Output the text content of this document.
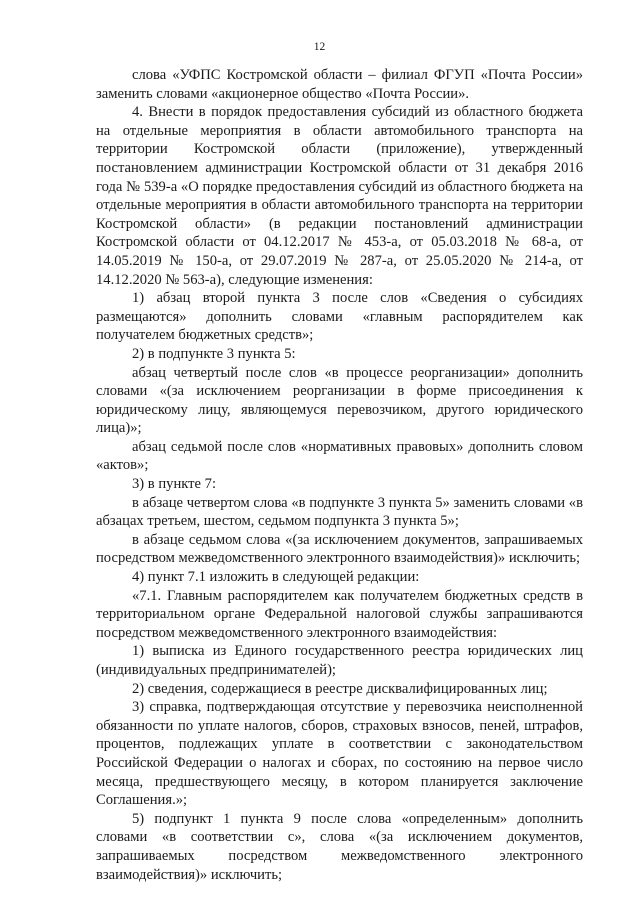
12

слова «УФПС Костромской области – филиал ФГУП «Почта России» заменить словами «акционерное общество «Почта России».

4. Внести в порядок предоставления субсидий из областного бюджета на отдельные мероприятия в области автомобильного транспорта на территории Костромской области (приложение), утвержденный постановлением администрации Костромской области от 31 декабря 2016 года № 539-а «О порядке предоставления субсидий из областного бюджета на отдельные мероприятия в области автомобильного транспорта на территории Костромской области» (в редакции постановлений администрации Костромской области от 04.12.2017 № 453-а, от 05.03.2018 № 68-а, от 14.05.2019 № 150-а, от 29.07.2019 № 287-а, от 25.05.2020 № 214-а, от 14.12.2020 № 563-а), следующие изменения:

1) абзац второй пункта 3 после слов «Сведения о субсидиях размещаются» дополнить словами «главным распорядителем как получателем бюджетных средств»;

2) в подпункте 3 пункта 5:

абзац четвертый после слов «в процессе реорганизации» дополнить словами «(за исключением реорганизации в форме присоединения к юридическому лицу, являющемуся перевозчиком, другого юридического лица)»;

абзац седьмой после слов «нормативных правовых» дополнить словом «актов»;

3) в пункте 7:

в абзаце четвертом слова «в подпункте 3 пункта 5» заменить словами «в абзацах третьем, шестом, седьмом подпункта 3 пункта 5»;

в абзаце седьмом слова «(за исключением документов, запрашиваемых посредством межведомственного электронного взаимодействия)» исключить;

4) пункт 7.1 изложить в следующей редакции:

«7.1. Главным распорядителем как получателем бюджетных средств в территориальном органе Федеральной налоговой службы запрашиваются посредством межведомственного электронного взаимодействия:

1) выписка из Единого государственного реестра юридических лиц (индивидуальных предпринимателей);

2) сведения, содержащиеся в реестре дисквалифицированных лиц;

3) справка, подтверждающая отсутствие у перевозчика неисполненной обязанности по уплате налогов, сборов, страховых взносов, пеней, штрафов, процентов, подлежащих уплате в соответствии с законодательством Российской Федерации о налогах и сборах, по состоянию на первое число месяца, предшествующего месяцу, в котором планируется заключение Соглашения.»;

5) подпункт 1 пункта 9 после слова «определенным» дополнить словами «в соответствии с», слова «(за исключением документов, запрашиваемых посредством межведомственного электронного взаимодействия)» исключить;
